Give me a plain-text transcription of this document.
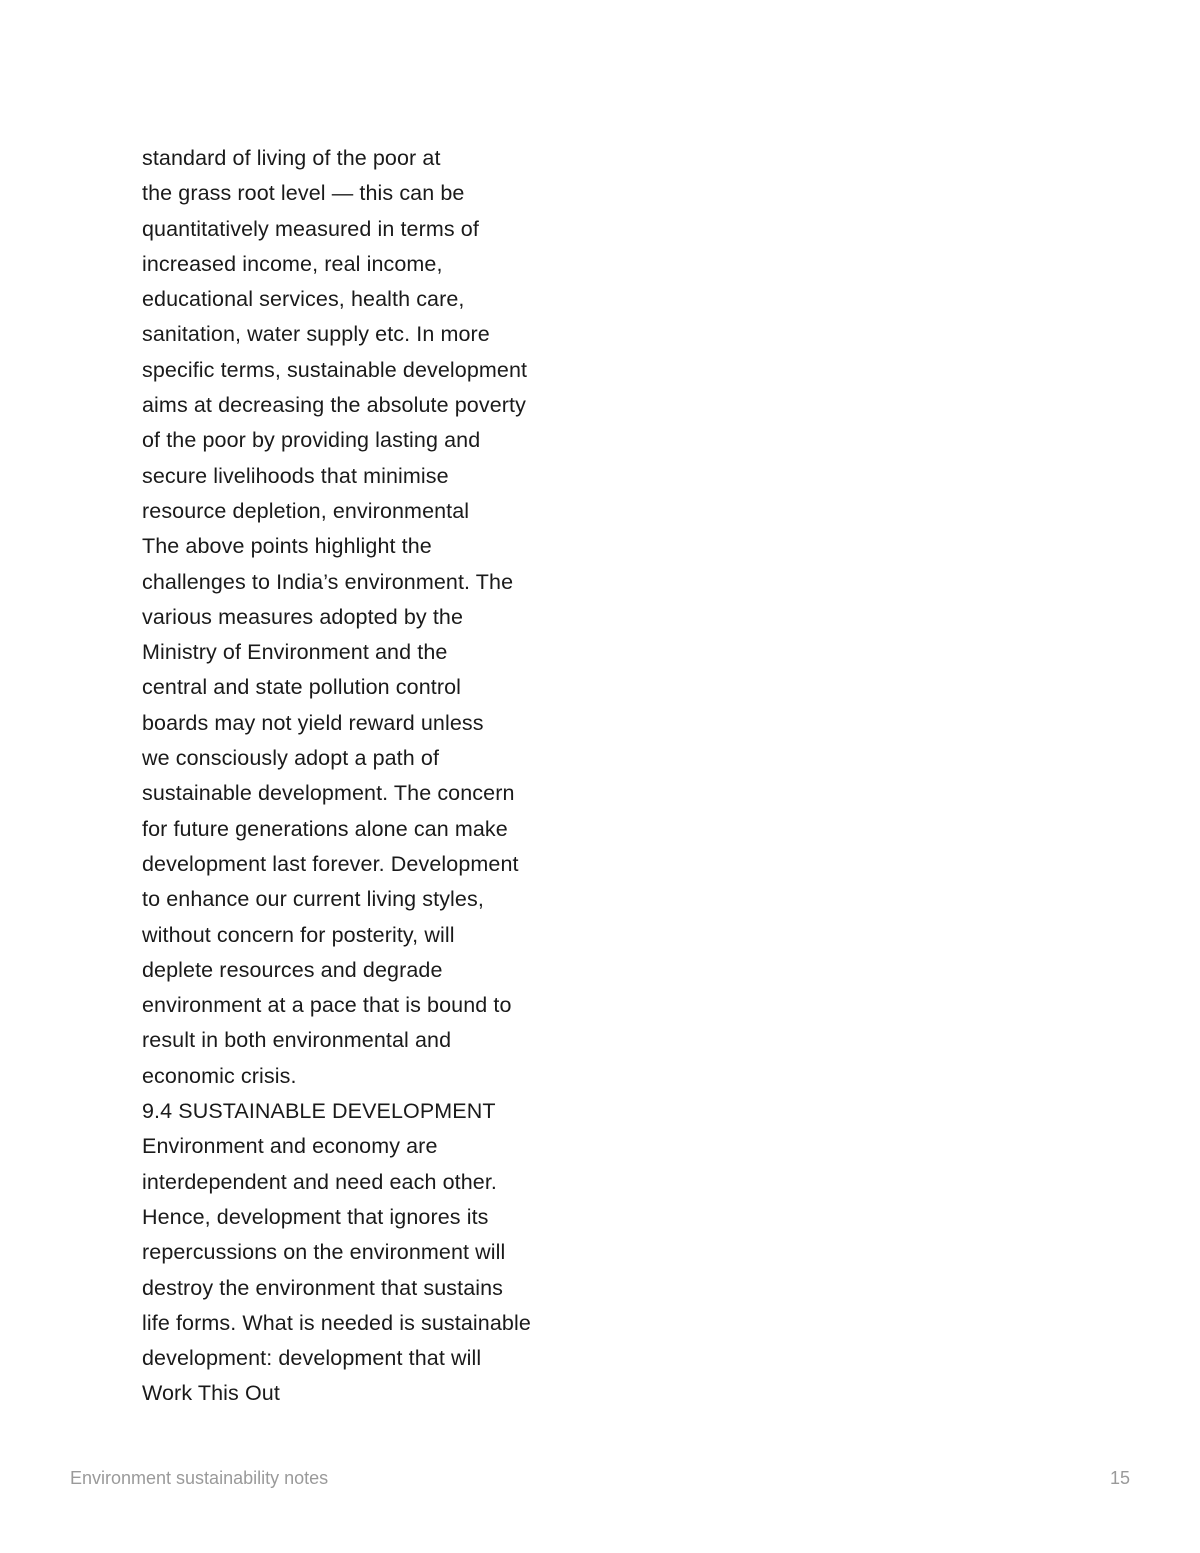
standard of living of the poor at
the grass root level — this can be
quantitatively measured in terms of
increased income, real income,
educational services, health care,
sanitation, water supply etc. In more
specific terms, sustainable development
aims at decreasing the absolute poverty
of the poor by providing lasting and
secure livelihoods that minimise
resource depletion, environmental
The above points highlight the
challenges to India’s environment. The
various measures adopted by the
Ministry of Environment and the
central and state pollution control
boards may not yield reward unless
we consciously adopt a path of
sustainable development. The concern
for future generations alone can make
development last forever. Development
to enhance our current living styles,
without concern for posterity, will
deplete resources and degrade
environment at a pace that is bound to
result in both environmental and
economic crisis.
9.4 SUSTAINABLE DEVELOPMENT
Environment and economy are
interdependent and need each other.
Hence, development that ignores its
repercussions on the environment will
destroy the environment that sustains
life forms. What is needed is sustainable
development: development that will
Work This Out
Environment sustainability notes	15
